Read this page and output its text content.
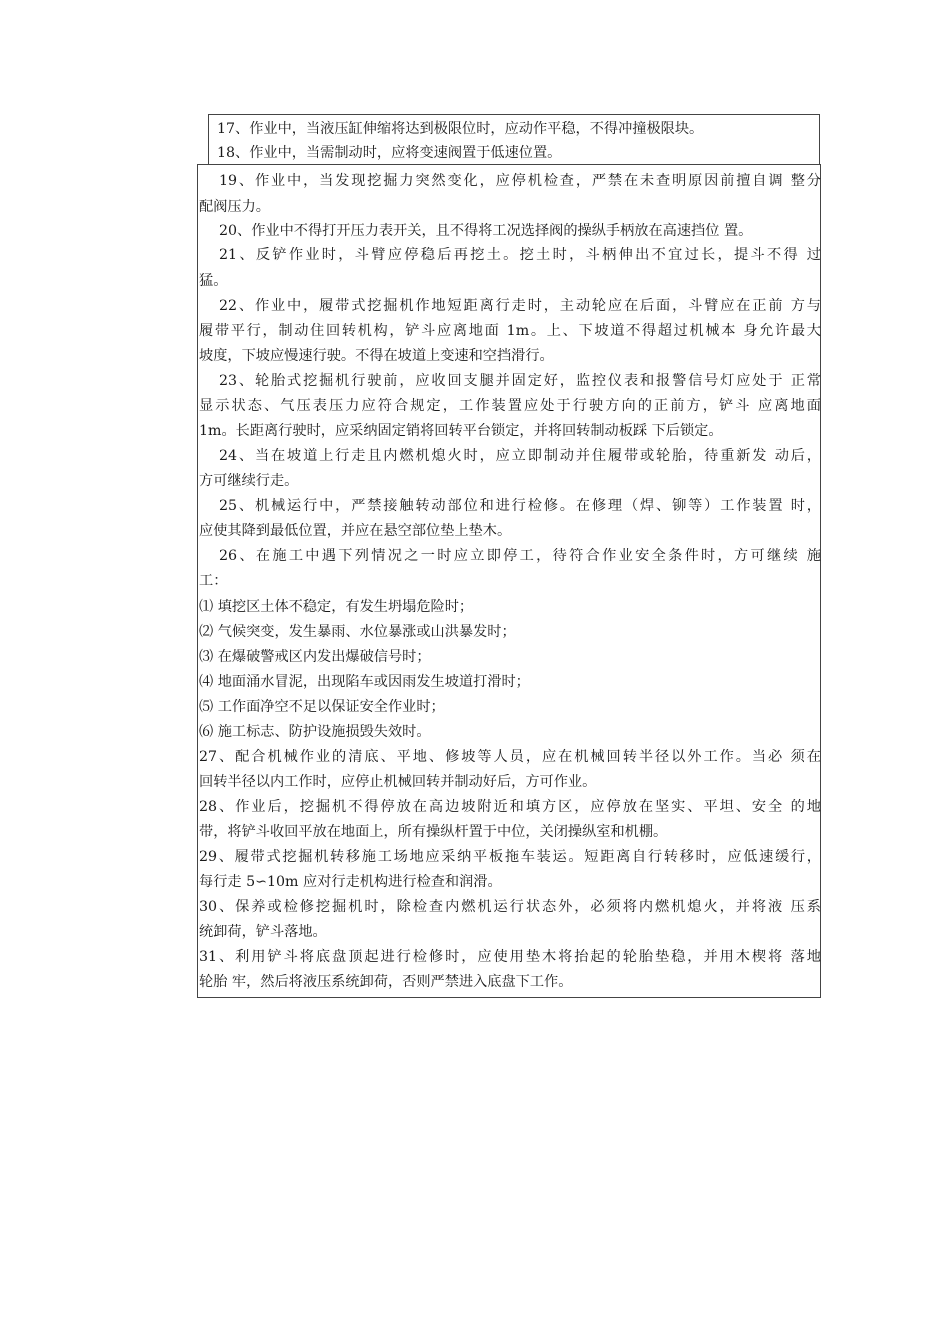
17、作业中，当液压缸伸缩将达到极限位时，应动作平稳，不得冲撞极限块。
18、作业中，当需制动时，应将变速阀置于低速位置。
19、作业中，当发现挖掘力突然变化，应停机检查，严禁在未查明原因前擅自调 整分
配阀压力。
20、作业中不得打开压力表开关，且不得将工况选择阀的操纵手柄放在高速挡位 置。
21、反铲作业时，斗臂应停稳后再挖土。挖土时，斗柄伸出不宜过长，提斗不得 过
猛。
22、作业中，履带式挖掘机作地短距离行走时，主动轮应在后面，斗臂应在正前 方与
履带平行，制动住回转机构，铲斗应离地面 1m。上、下坡道不得超过机械本 身允许最大
坡度，下坡应慢速行驶。不得在坡道上变速和空挡滑行。
23、轮胎式挖掘机行驶前，应收回支腿并固定好，监控仪表和报警信号灯应处于 正常
显示状态、气压表压力应符合规定，工作装置应处于行驶方向的正前方，铲斗 应离地面
1m。长距离行驶时，应采纳固定销将回转平台锁定，并将回转制动板踩 下后锁定。
24、当在坡道上行走且内燃机熄火时，应立即制动并住履带或轮胎，待重新发 动后，
方可继续行走。
25、机械运行中，严禁接触转动部位和进行检修。在修理（焊、铆等）工作装置 时，
应使其降到最低位置，并应在悬空部位垫上垫木。
26、在施工中遇下列情况之一时应立即停工，待符合作业安全条件时，方可继续 施
工：
⑴ 填挖区土体不稳定，有发生坍塌危险时；
⑵ 气候突变，发生暴雨、水位暴涨或山洪暴发时；
⑶ 在爆破警戒区内发出爆破信号时；
⑷ 地面涌水冒泥，出现陷车或因雨发生坡道打滑时；
⑸ 工作面净空不足以保证安全作业时；
⑹ 施工标志、防护设施损毁失效时。
27、配合机械作业的清底、平地、修坡等人员，应在机械回转半径以外工作。当必 须在
回转半径以内工作时，应停止机械回转并制动好后，方可作业。
28、作业后，挖掘机不得停放在高边坡附近和填方区，应停放在坚实、平坦、安全 的地
带，将铲斗收回平放在地面上，所有操纵杆置于中位，关闭操纵室和机棚。
29、履带式挖掘机转移施工场地应采纳平板拖车装运。短距离自行转移时，应低速缓行，
每行走 5∽10m 应对行走机构进行检查和润滑。
30、保养或检修挖掘机时，除检查内燃机运行状态外，必须将内燃机熄火，并将液 压系
统卸荷，铲斗落地。
31、利用铲斗将底盘顶起进行检修时，应使用垫木将抬起的轮胎垫稳，并用木楔将 落地
轮胎 牢，然后将液压系统卸荷，否则严禁进入底盘下工作。
